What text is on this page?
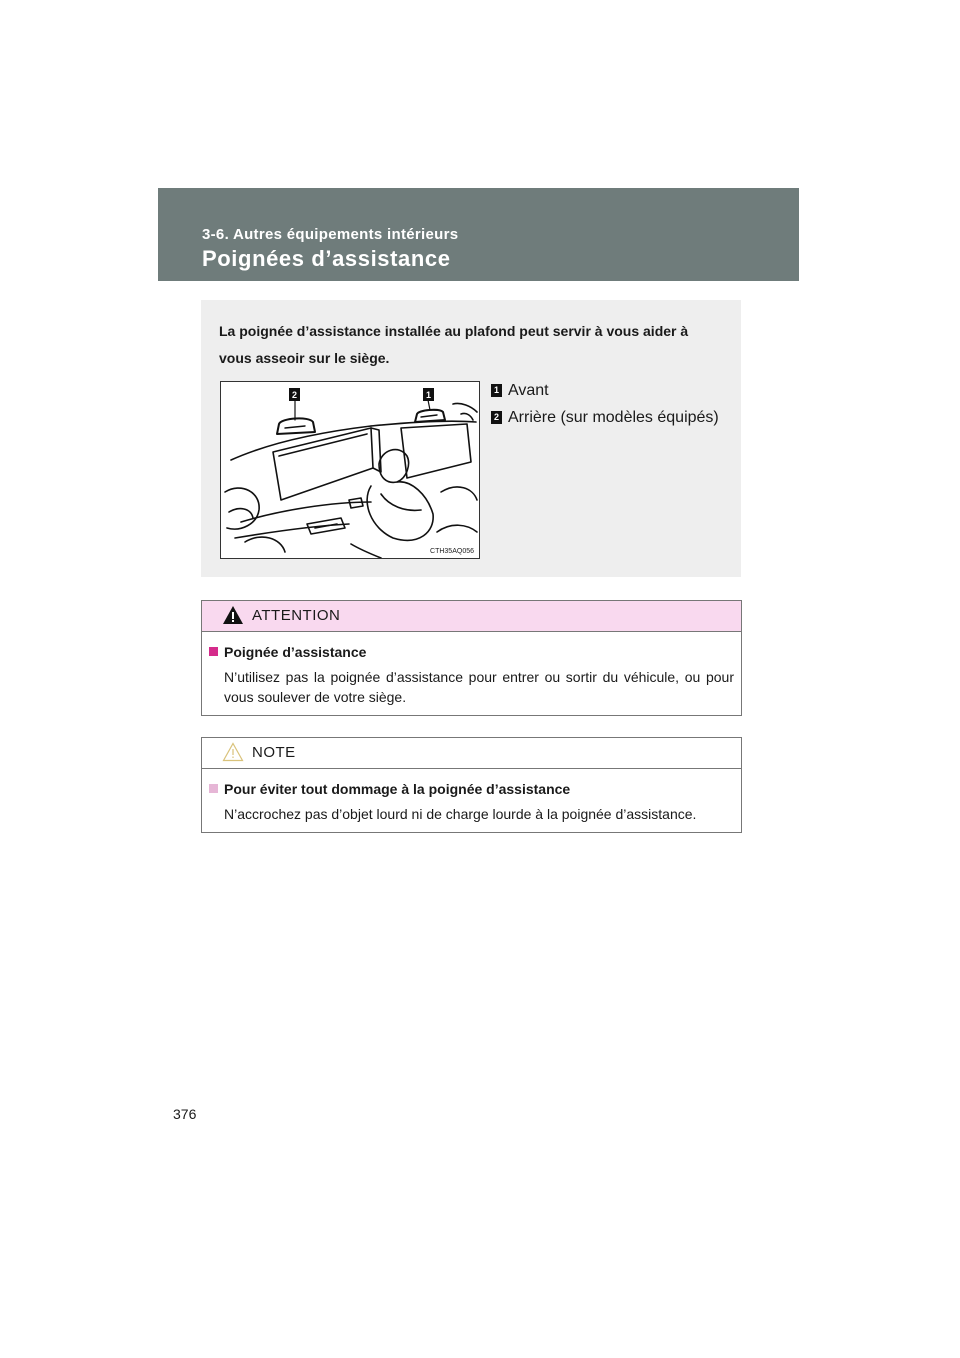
3-6. Autres équipements intérieurs
Poignées d’assistance
La poignée d’assistance installée au plafond peut servir à vous aider à vous asseoir sur le siège.
2	1
CTH35AQ056
1 Avant
2 Arrière (sur modèles équipés)
ATTENTION
Poignée d’assistance
N’utilisez pas la poignée d’assistance pour entrer ou sortir du véhicule, ou pour vous soulever de votre siège.
NOTE
Pour éviter tout dommage à la poignée d’assistance
N’accrochez pas d’objet lourd ni de charge lourde à la poignée d’assistance.
376
